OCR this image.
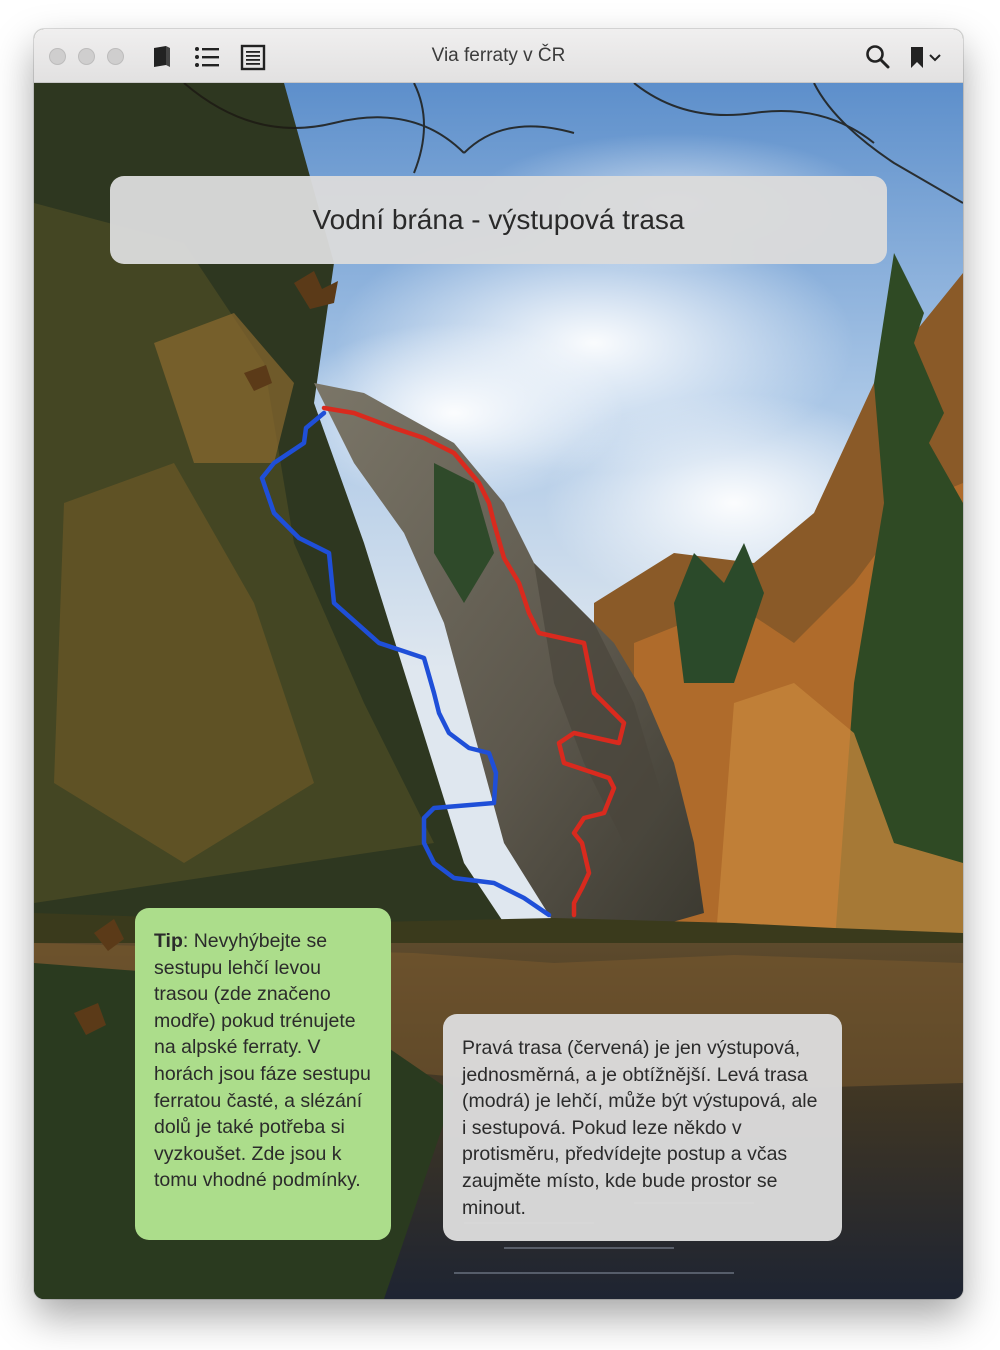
Via ferraty v ČR
Vodní brána - výstupová trasa
Tip: Nevyhýbejte se sestupu lehčí levou trasou (zde značeno modře) pokud trénujete na alpské ferraty. V horách jsou fáze sestupu ferratou časté, a slézání dolů je také potřeba si vyzkoušet. Zde jsou k tomu vhodné podmínky.
Pravá trasa (červená) je jen výstupová, jednosměrná, a je obtížnější. Levá trasa (modrá) je lehčí, může být výstupová, ale i sestupová. Pokud leze někdo v protisměru, předvídejte postup a včas zaujměte místo, kde bude prostor se minout.
